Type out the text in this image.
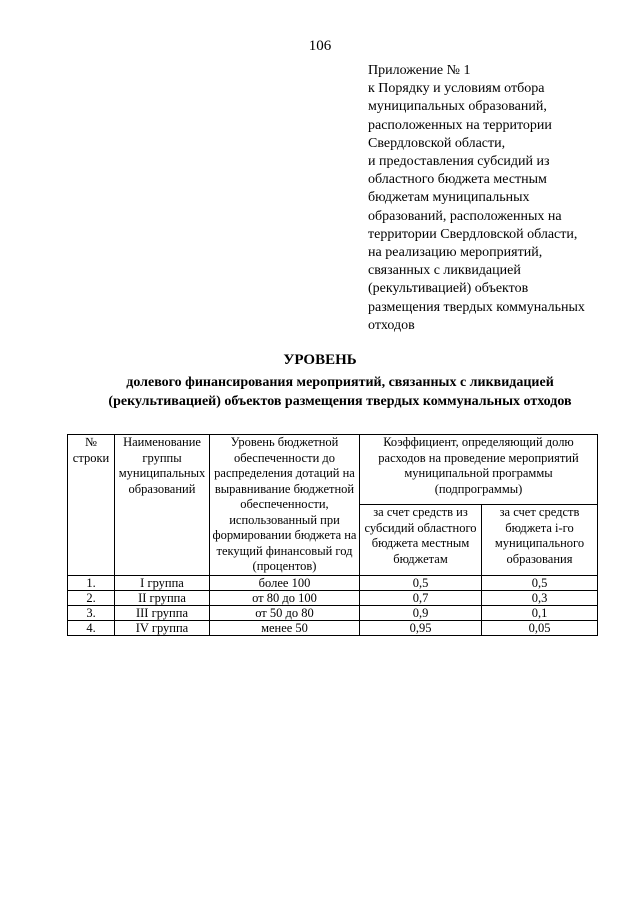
106
Приложение № 1
к Порядку и условиям отбора
муниципальных образований,
расположенных на территории
Свердловской области,
и предоставления субсидий из
областного бюджета местным
бюджетам муниципальных
образований, расположенных на
территории Свердловской области,
на реализацию мероприятий,
связанных с ликвидацией
(рекультивацией) объектов
размещения твердых коммунальных
отходов
УРОВЕНЬ
долевого финансирования мероприятий, связанных с ликвидацией
(рекультивацией) объектов размещения твердых коммунальных отходов
№ строки	Наименование группы муниципальных образований	Уровень бюджетной обеспеченности до распределения дотаций на выравнивание бюджетной обеспеченности, использованный при формировании бюджета на текущий финансовый год (процентов)	Коэффициент, определяющий долю расходов на проведение мероприятий муниципальной программы (подпрограммы)	
			за счет средств из субсидий областного бюджета местным бюджетам	за счет средств бюджета i-го муниципального образования
1.	I группа	более 100	0,5	0,5
2.	II группа	от 80 до 100	0,7	0,3
3.	III группа	от 50 до 80	0,9	0,1
4.	IV группа	менее 50	0,95	0,05
